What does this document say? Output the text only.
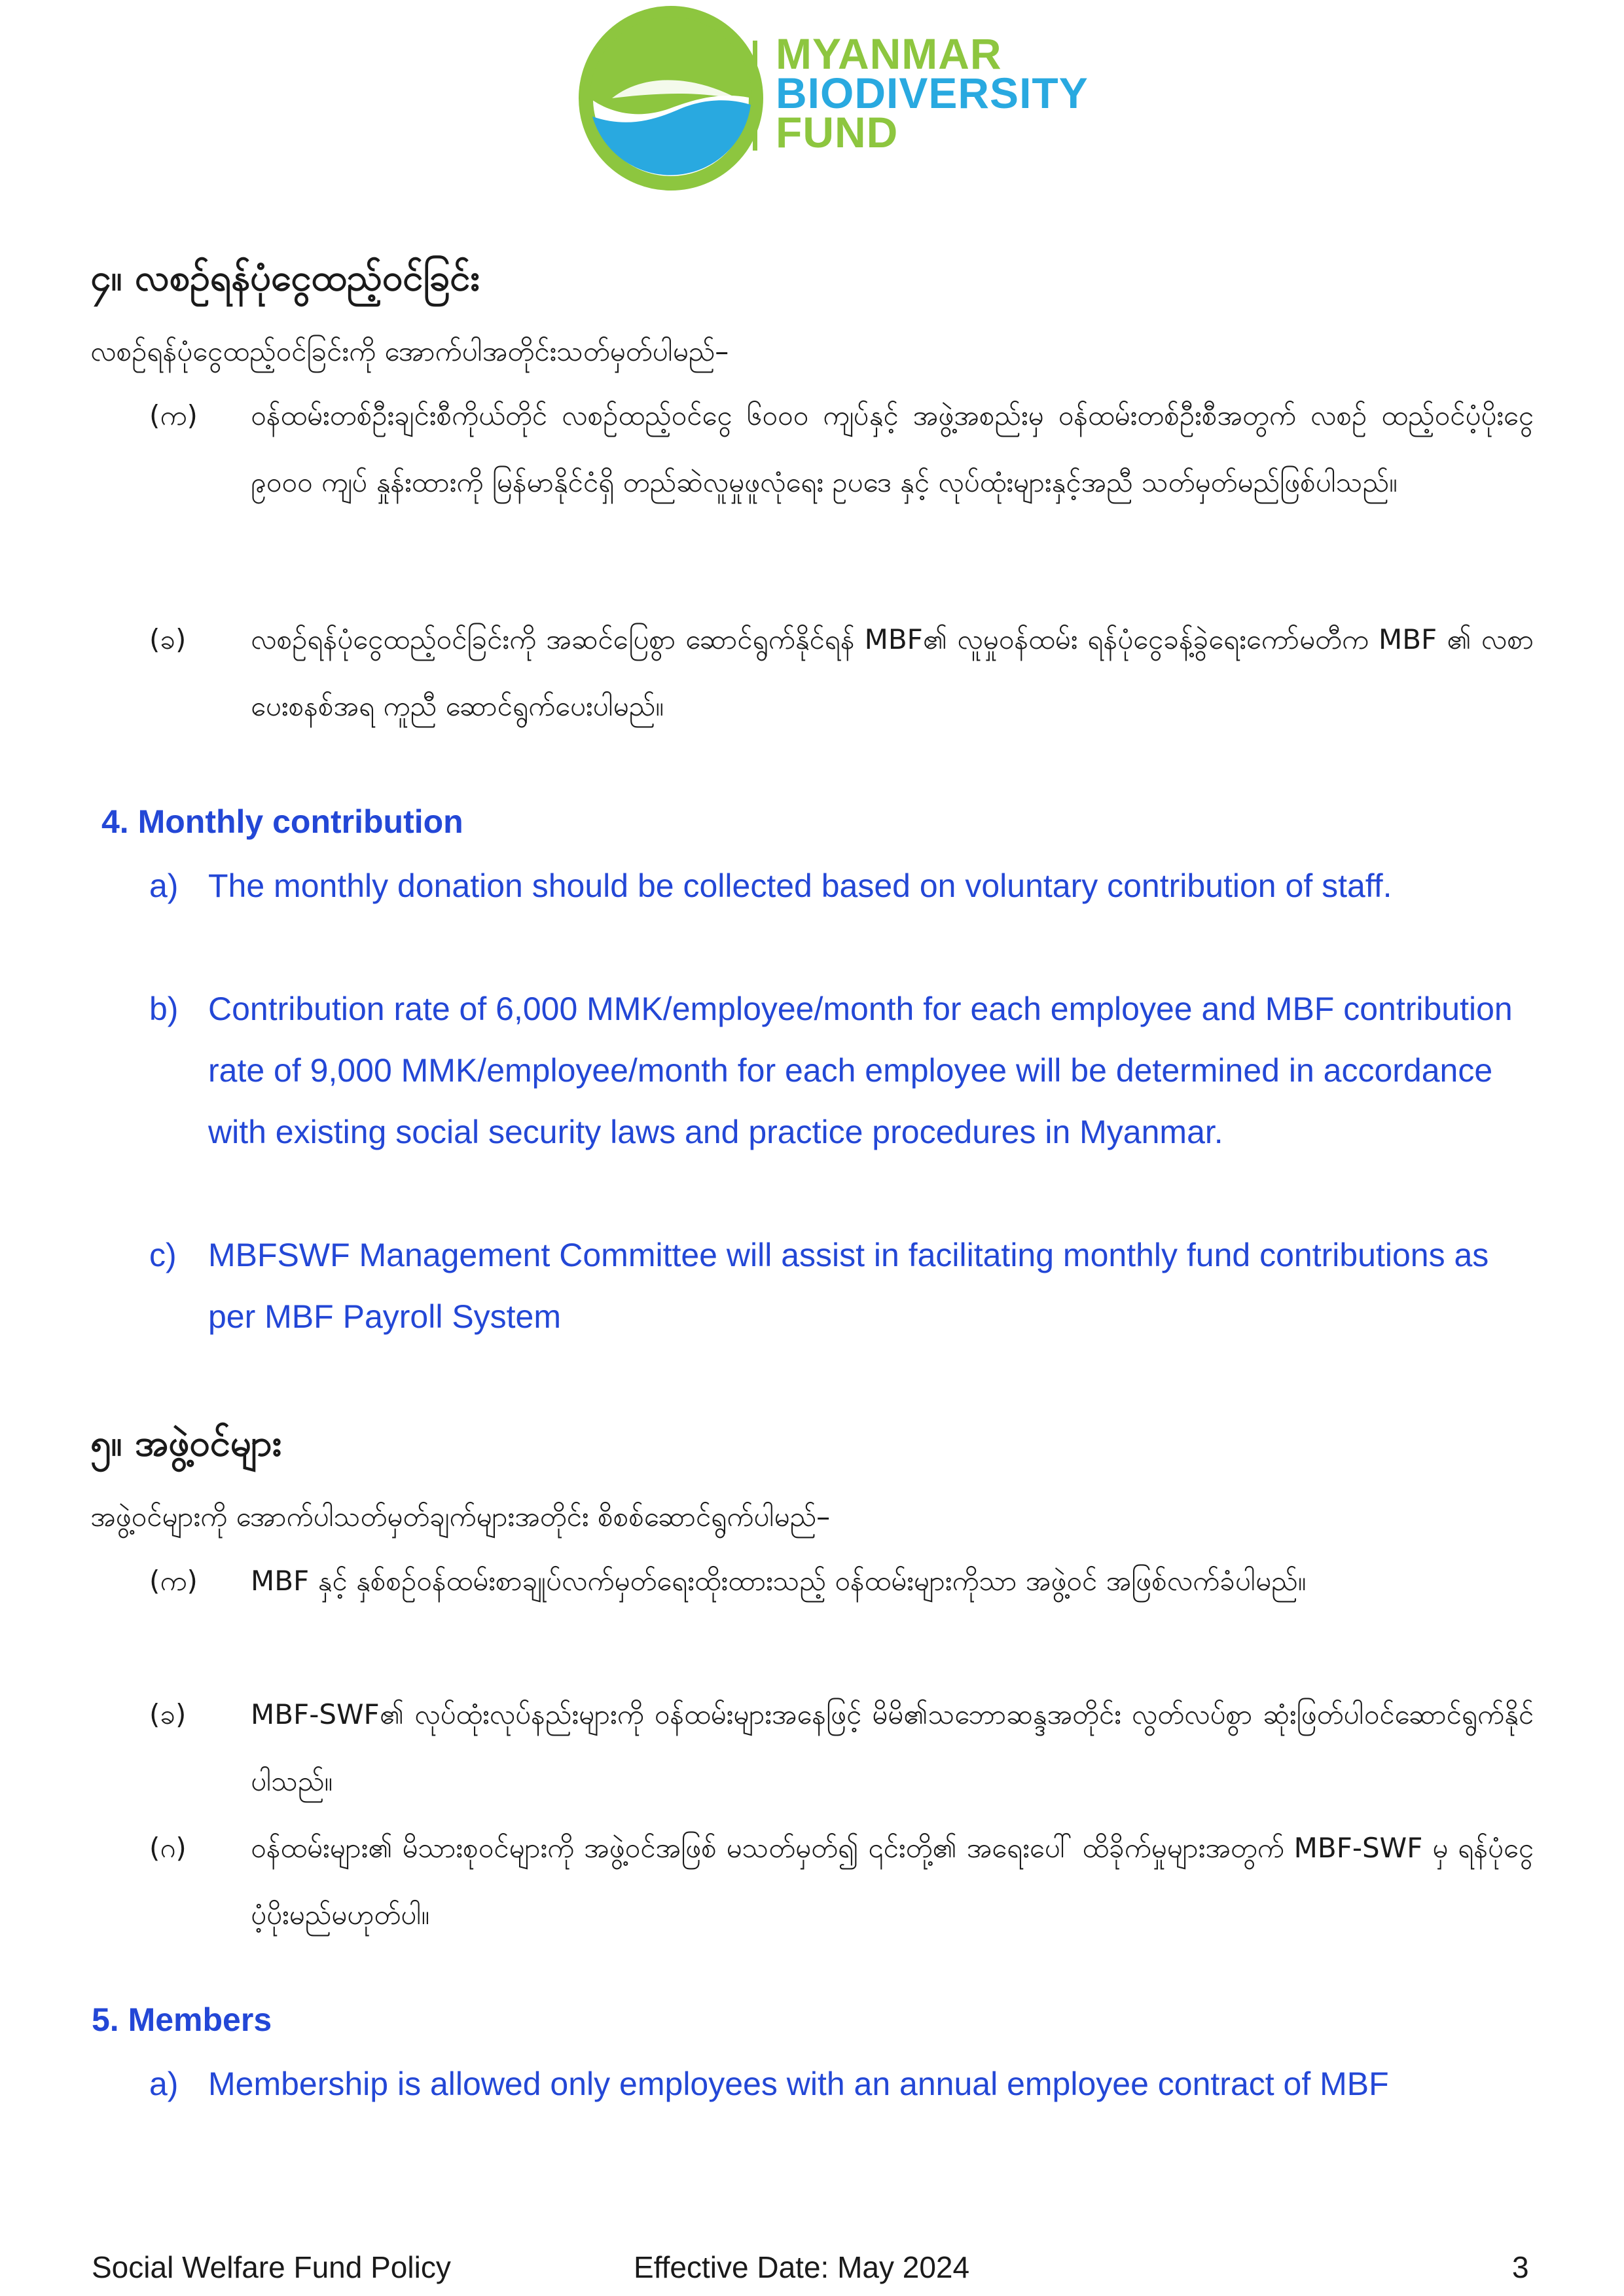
MYANMAR
BIODIVERSITY
FUND
၄။ လစဉ်ရန်ပုံငွေထည့်ဝင်ခြင်း
လစဉ်ရန်ပုံငွေထည့်ဝင်ခြင်းကို အောက်ပါအတိုင်းသတ်မှတ်ပါမည်–
(က) ဝန်ထမ်းတစ်ဦးချင်းစီကိုယ်တိုင် လစဉ်ထည့်ဝင်ငွေ ၆၀၀၀ ကျပ်နှင့် အဖွဲ့အစည်းမှ ဝန်ထမ်းတစ်ဦးစီအတွက် လစဉ် ထည့်ဝင်ပံ့ပိုးငွေ ၉၀၀၀ ကျပ် နှုန်းထားကို မြန်မာနိုင်ငံရှိ တည်ဆဲလူမှုဖူလုံရေး ဥပဒေ နှင့် လုပ်ထုံးများနှင့်အညီ သတ်မှတ်မည်ဖြစ်ပါသည်။
(ခ) လစဉ်ရန်ပုံငွေထည့်ဝင်ခြင်းကို အဆင်ပြေစွာ ဆောင်ရွက်နိုင်ရန် MBF၏ လူမှုဝန်ထမ်း ရန်ပုံငွေခန့်ခွဲရေးကော်မတီက MBF ၏ လစာပေးစနစ်အရ ကူညီ ဆောင်ရွက်ပေးပါမည်။
4. Monthly contribution
a) The monthly donation should be collected based on voluntary contribution of staff.
b) Contribution rate of 6,000 MMK/employee/month for each employee and MBF contribution rate of 9,000 MMK/employee/month for each employee will be determined in accordance with existing social security laws and practice procedures in Myanmar.
c) MBFSWF Management Committee will assist in facilitating monthly fund contributions as per MBF Payroll System
၅။ အဖွဲ့ဝင်များ
အဖွဲ့ဝင်များကို အောက်ပါသတ်မှတ်ချက်များအတိုင်း စိစစ်ဆောင်ရွက်ပါမည်–
(က) MBF နှင့် နှစ်စဉ်ဝန်ထမ်းစာချုပ်လက်မှတ်ရေးထိုးထားသည့် ဝန်ထမ်းများကိုသာ အဖွဲ့ဝင် အဖြစ်လက်ခံပါမည်။
(ခ) MBF-SWF၏ လုပ်ထုံးလုပ်နည်းများကို ဝန်ထမ်းများအနေဖြင့် မိမိ၏သဘောဆန္ဒအတိုင်း လွတ်လပ်စွာ ဆုံးဖြတ်ပါဝင်ဆောင်ရွက်နိုင်ပါသည်။
(ဂ) ဝန်ထမ်းများ၏ မိသားစုဝင်များကို အဖွဲ့ဝင်အဖြစ် မသတ်မှတ်၍ ၎င်းတို့၏ အရေးပေါ် ထိခိုက်မှုများအတွက် MBF-SWF မှ ရန်ပုံငွေပံ့ပိုးမည်မဟုတ်ပါ။
5. Members
a) Membership is allowed only employees with an annual employee contract of MBF
Social Welfare Fund Policy	Effective Date: May 2024	3
